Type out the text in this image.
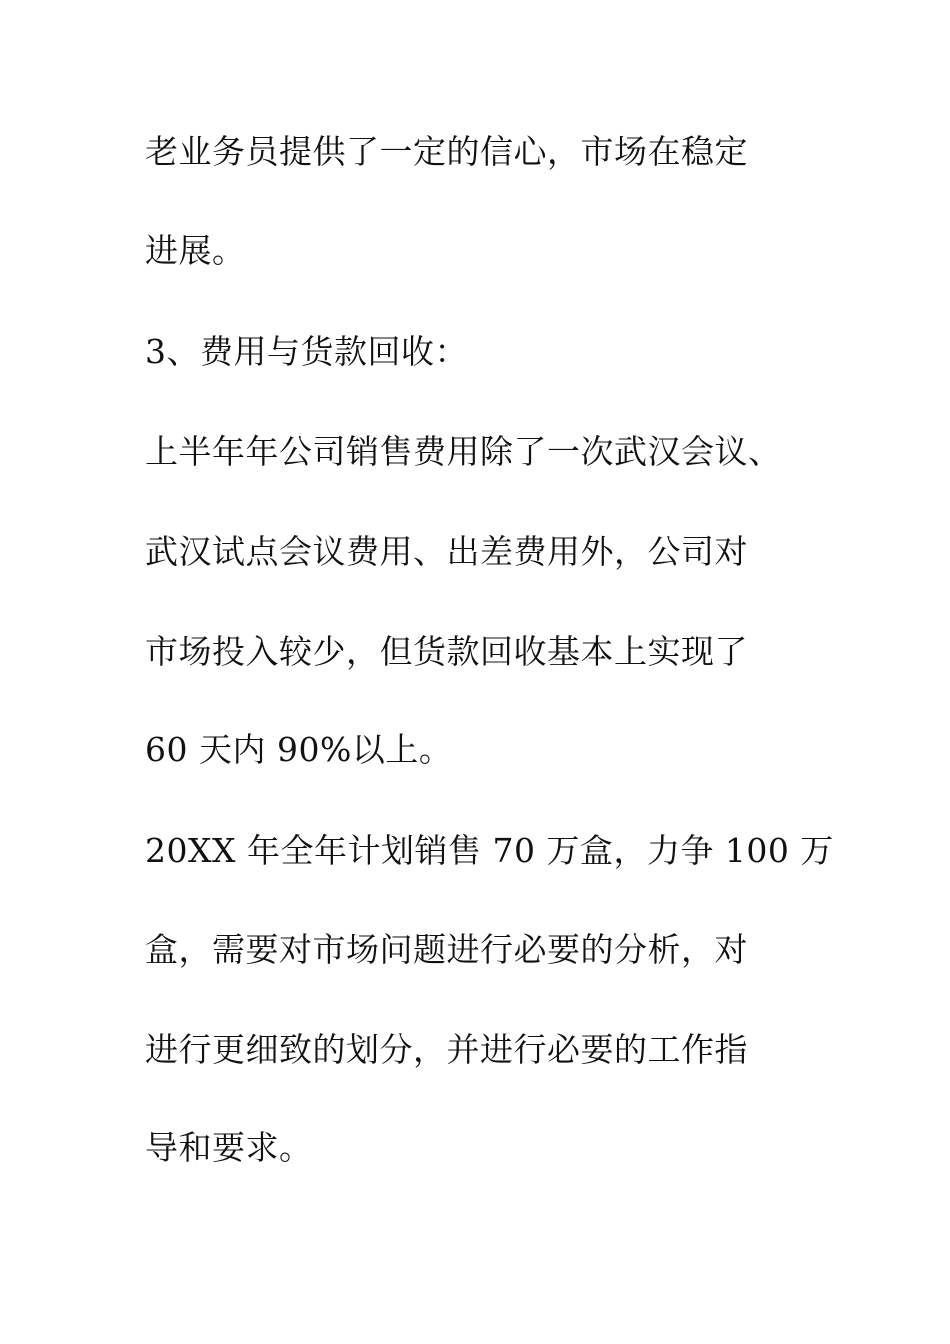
老业务员提供了一定的信心，市场在稳定
进展。
3、费用与货款回收：
上半年年公司销售费用除了一次武汉会议、
武汉试点会议费用、出差费用外，公司对
市场投入较少，但货款回收基本上实现了
60 天内 90%以上。
20XX 年全年计划销售 70 万盒，力争 100 万
盒，需要对市场问题进行必要的分析，对
进行更细致的划分，并进行必要的工作指
导和要求。
